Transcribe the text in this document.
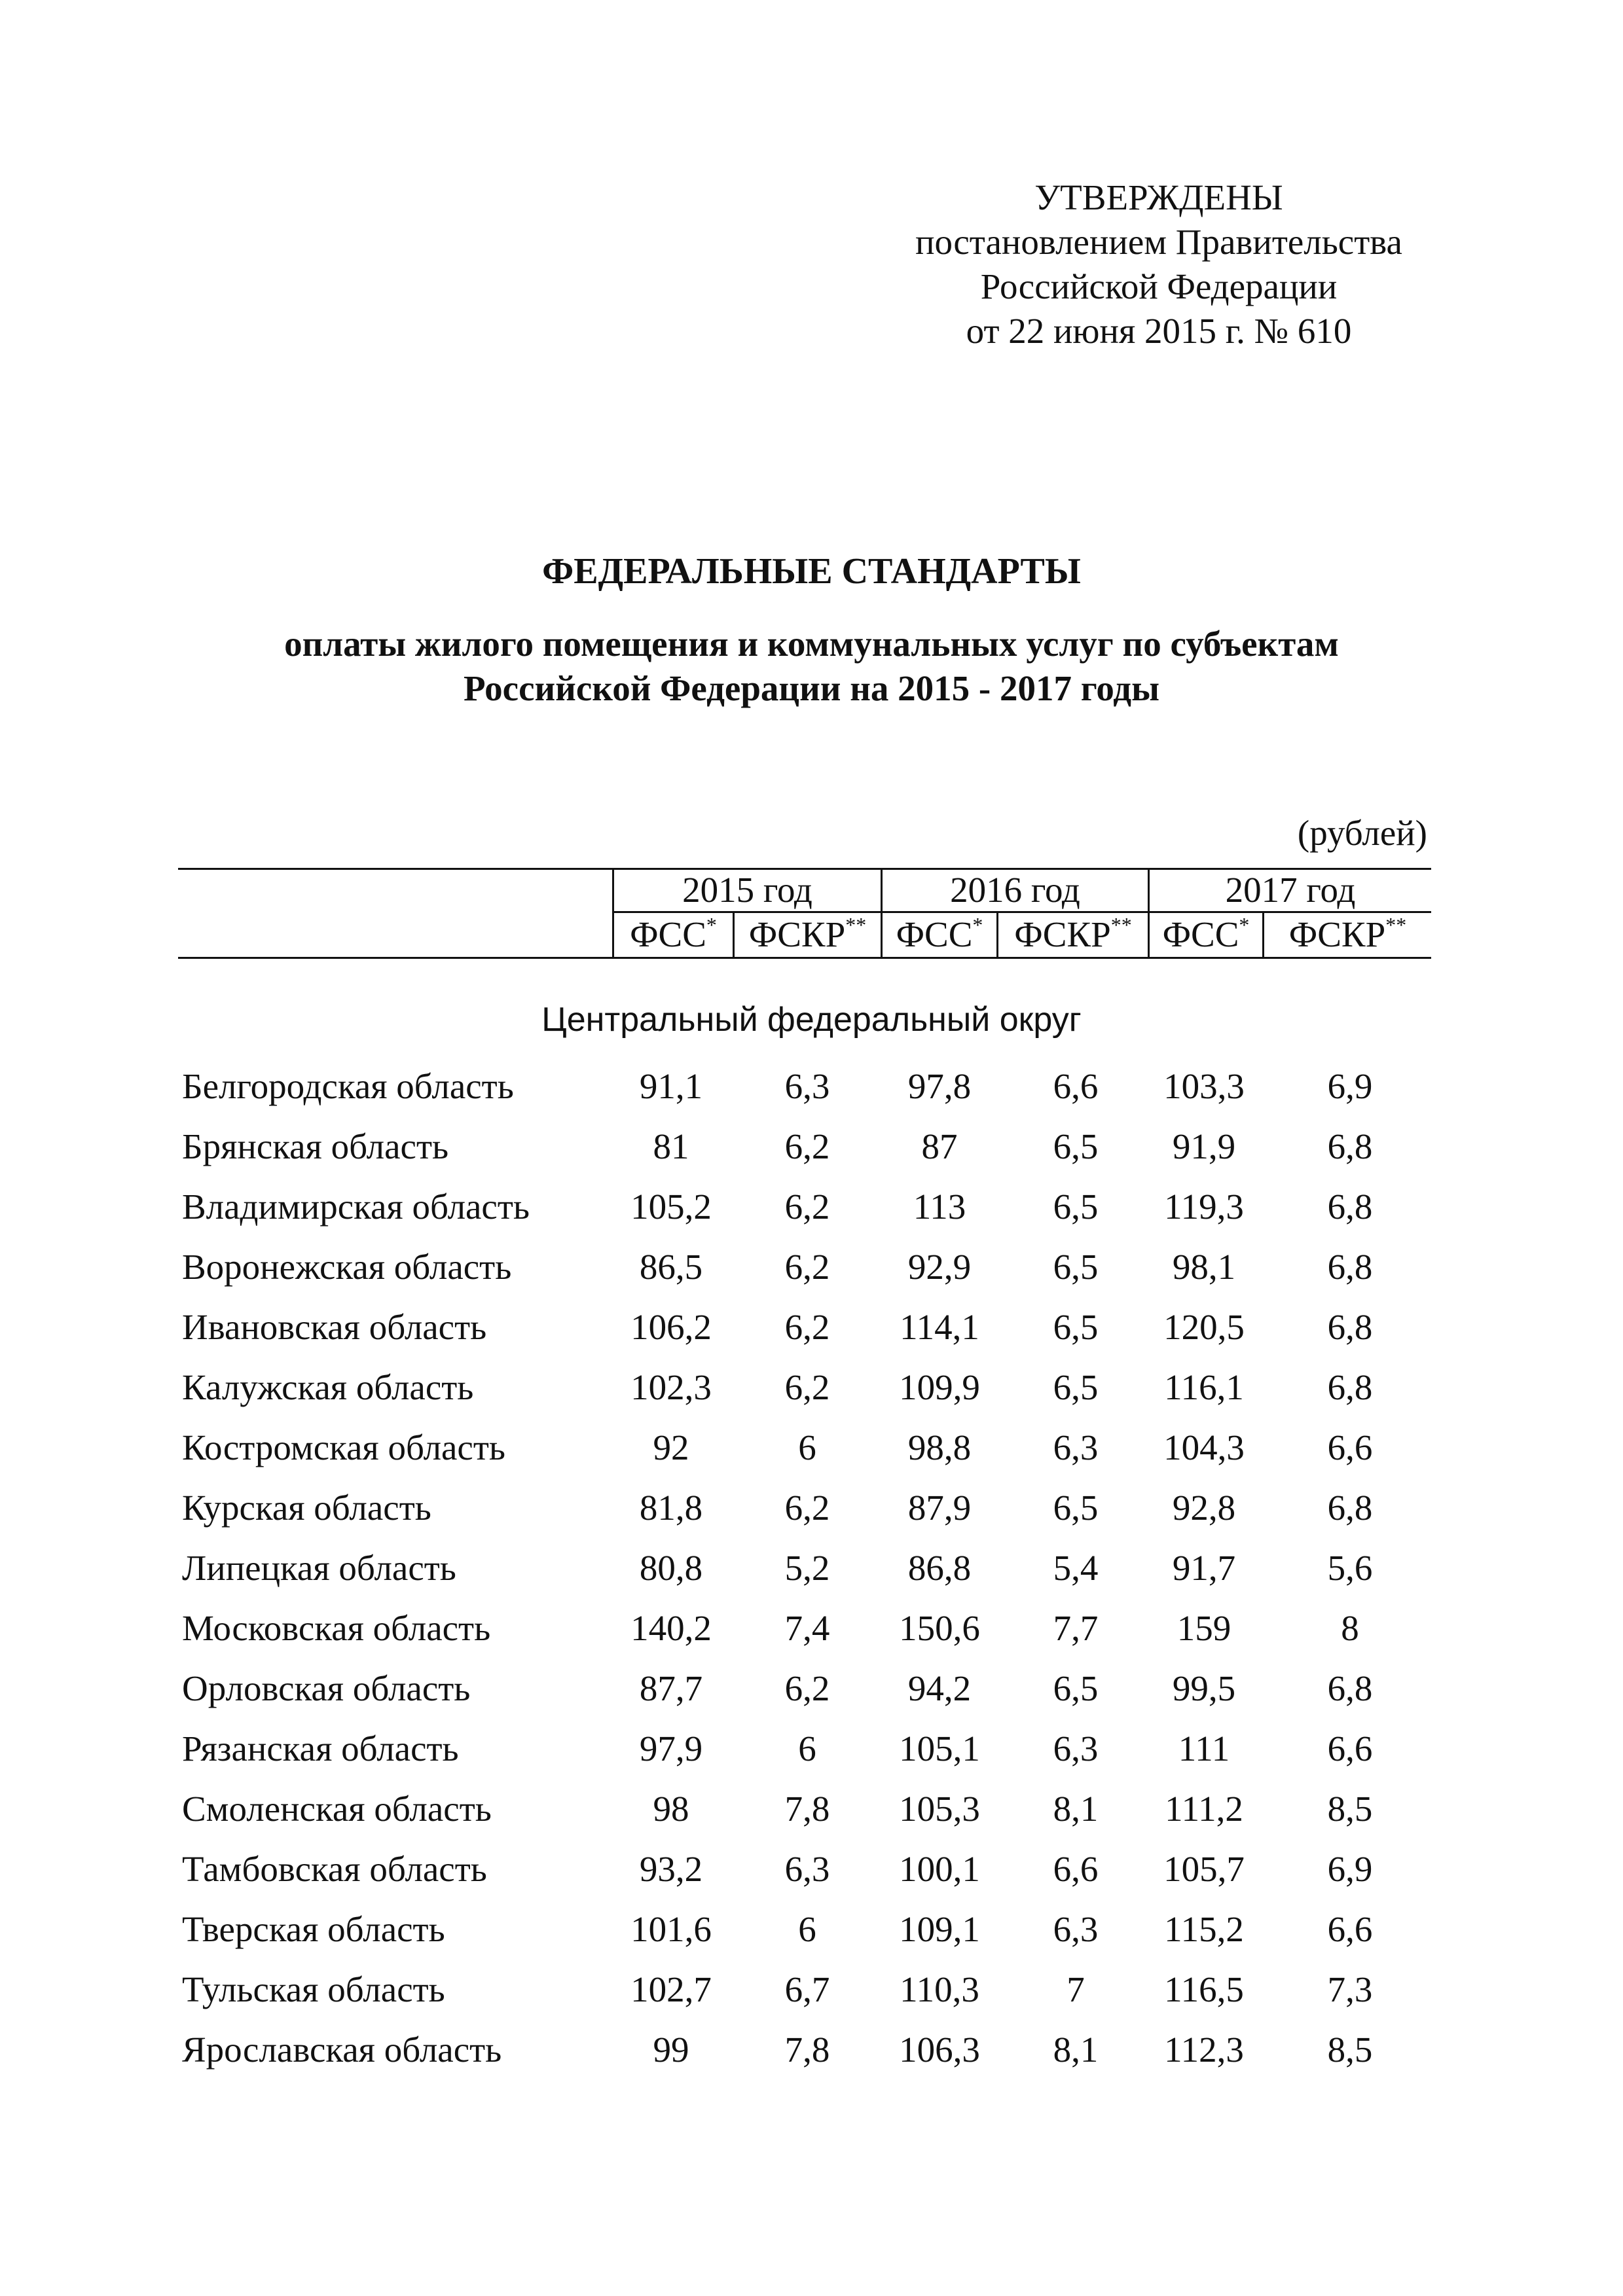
УТВЕРЖДЕНЫ
постановлением Правительства
Российской Федерации
от 22 июня 2015 г. № 610
ФЕДЕРАЛЬНЫЕ СТАНДАРТЫ
оплаты жилого помещения и коммунальных услуг по субъектам
Российской Федерации на 2015 - 2017 годы
(рублей)
2015 год	2016 год	2017 год
ФСС* ФСКР** ФСС* ФСКР** ФСС*	ФСКР**
Центральный федеральный округ
Белгородская область	91,1	6,3	97,8	6,6	103,3	6,9
Брянская область	81	6,2	87	6,5	91,9	6,8
Владимирская область	105,2	6,2	113	6,5	119,3	6,8
Воронежская область	86,5	6,2	92,9	6,5	98,1	6,8
Ивановская область	106,2	6,2	114,1	6,5	120,5	6,8
Калужская область	102,3	6,2	109,9	6,5	116,1	6,8
Костромская область	92	6	98,8	6,3	104,3	6,6
Курская область	81,8	6,2	87,9	6,5	92,8	6,8
Липецкая область	80,8	5,2	86,8	5,4	91,7	5,6
Московская область	140,2	7,4	150,6	7,7	159	8
Орловская область	87,7	6,2	94,2	6,5	99,5	6,8
Рязанская область	97,9	6	105,1	6,3	111	6,6
Смоленская область	98	7,8	105,3	8,1	111,2	8,5
Тамбовская область	93,2	6,3	100,1	6,6	105,7	6,9
Тверская область	101,6	6	109,1	6,3	115,2	6,6
Тульская область	102,7	6,7	110,3	7	116,5	7,3
Ярославская область	99	7,8	106,3	8,1	112,3	8,5
